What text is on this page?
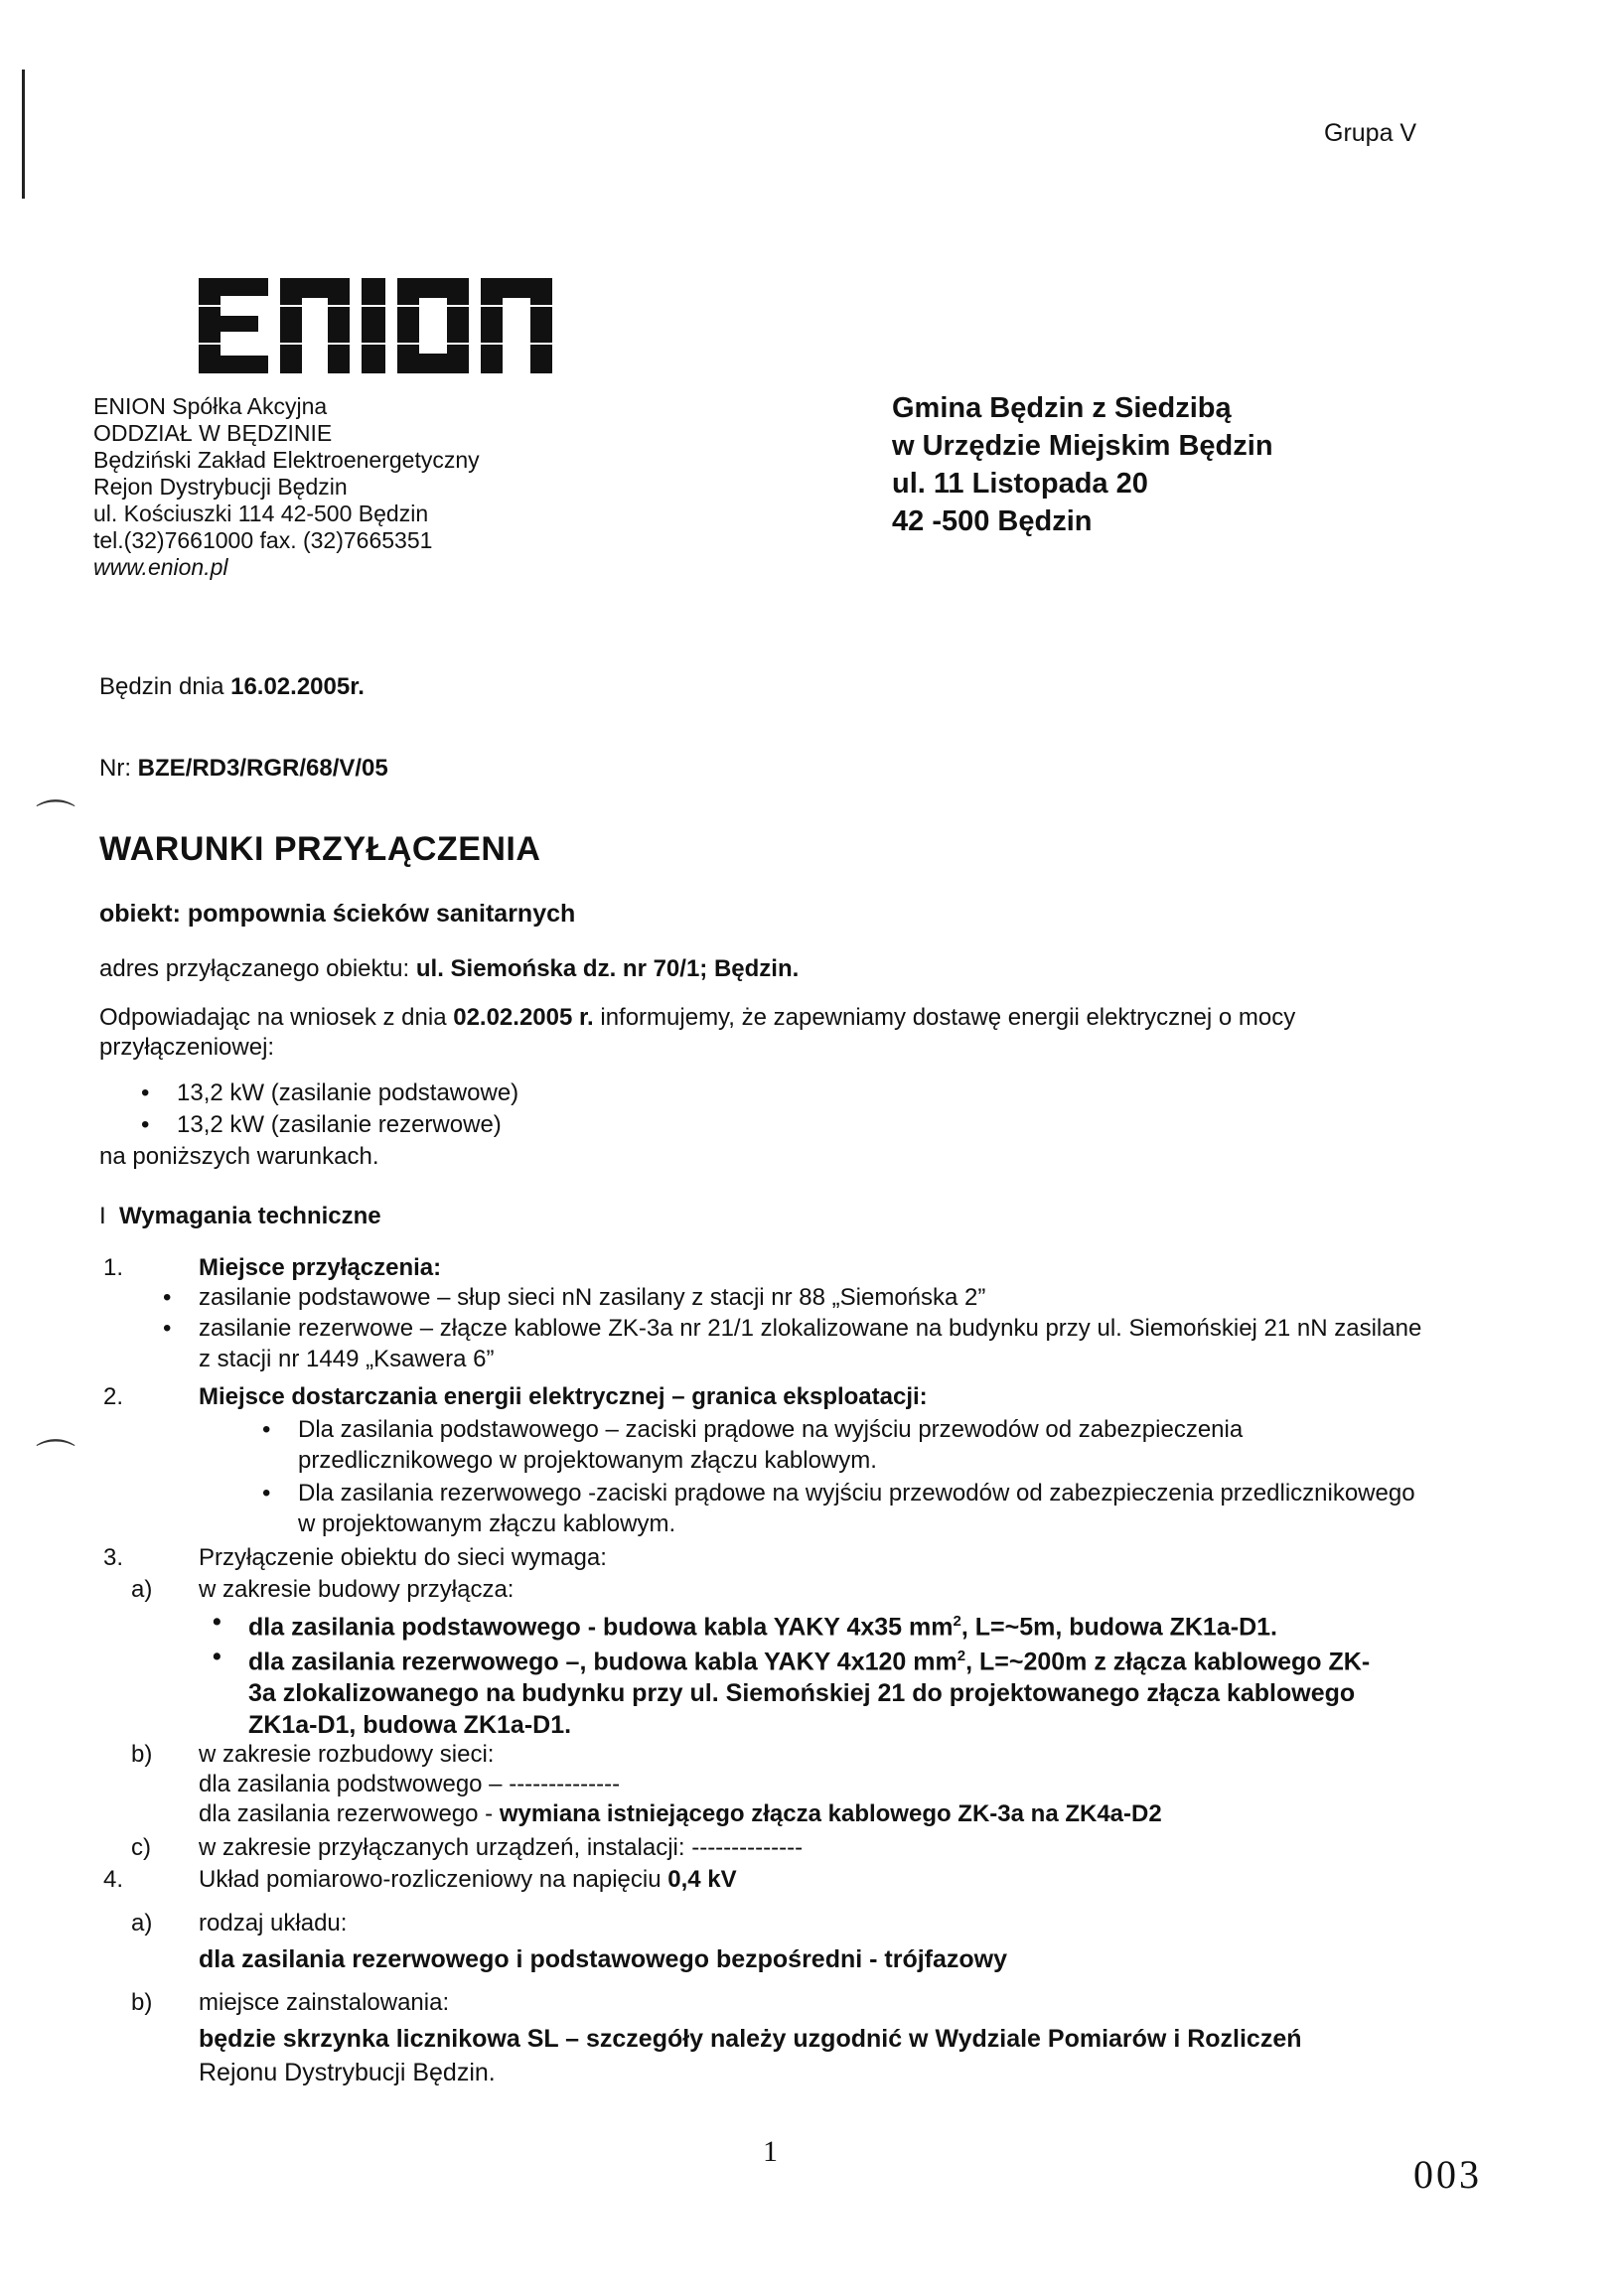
⌒
⌒
Grupa V
ENION Spółka Akcyjna
ODDZIAŁ W BĘDZINIE
Będziński Zakład Elektroenergetyczny
Rejon Dystrybucji Będzin
ul. Kościuszki 114 42-500 Będzin
tel.(32)7661000 fax. (32)7665351
www.enion.pl
Gmina Będzin z Siedzibą
w Urzędzie Miejskim Będzin
ul. 11 Listopada 20
42 -500 Będzin
Będzin dnia 16.02.2005r.
Nr: BZE/RD3/RGR/68/V/05
WARUNKI PRZYŁĄCZENIA
obiekt: pompownia ścieków sanitarnych
adres przyłączanego obiektu: ul. Siemońska dz. nr 70/1; Będzin.
Odpowiadając na wniosek z dnia 02.02.2005 r. informujemy, że zapewniamy dostawę energii elektrycznej o mocy przyłączeniowej:
• 13,2 kW (zasilanie podstawowe)
• 13,2 kW (zasilanie rezerwowe)
na poniższych warunkach.
I Wymagania techniczne
1.	Miejsce przyłączenia:
• zasilanie podstawowe – słup sieci nN zasilany z stacji nr 88 „Siemońska 2”
• zasilanie rezerwowe – złącze kablowe ZK-3a nr 21/1 zlokalizowane na budynku przy ul. Siemońskiej 21 nN zasilane z stacji nr 1449 „Ksawera 6”
2.	Miejsce dostarczania energii elektrycznej – granica eksploatacji:
• Dla zasilania podstawowego – zaciski prądowe na wyjściu przewodów od zabezpieczenia przedlicznikowego w projektowanym złączu kablowym.
• Dla zasilania rezerwowego -zaciski prądowe na wyjściu przewodów od zabezpieczenia przedlicznikowego w projektowanym złączu kablowym.
3.	Przyłączenie obiektu do sieci wymaga:
a) w zakresie budowy przyłącza:
• dla zasilania podstawowego - budowa kabla YAKY 4x35 $mm^2$, L=~5m, budowa ZK1a-D1.
• dla zasilania rezerwowego –, budowa kabla YAKY 4x120 $mm^2$, L=~200m z złącza kablowego ZK-3a zlokalizowanego na budynku przy ul. Siemońskiej 21 do projektowanego złącza kablowego ZK1a-D1, budowa ZK1a-D1.
b) w zakresie rozbudowy sieci:
dla zasilania podstwowego – --------------
dla zasilania rezerwowego - wymiana istniejącego złącza kablowego ZK-3a na ZK4a-D2
c) w zakresie przyłączanych urządzeń, instalacji: --------------
4.	Układ pomiarowo-rozliczeniowy na napięciu 0,4 kV
a) rodzaj układu:
dla zasilania rezerwowego i podstawowego bezpośredni - trójfazowy
b) miejsce zainstalowania:
będzie skrzynka licznikowa SL – szczegóły należy uzgodnić w Wydziale Pomiarów i Rozliczeń
Rejonu Dystrybucji Będzin.
1
003
